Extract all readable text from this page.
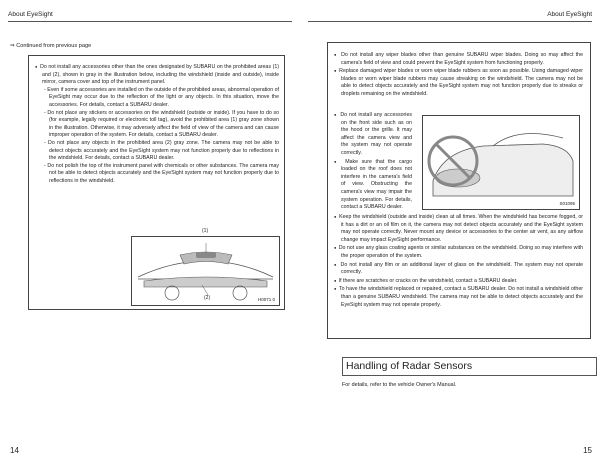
About EyeSight	About EyeSight
⇒ Continued from previous page

●  Do not install any accessories other than the ones designated by SUBARU on the prohibited areas (1) and (2), shown in gray in the illustration below, including the windshield (inside and outside), inside mirror, camera cover and top of the instrument panel.

- Even if some accessories are installed on the outside of the prohibited areas, abnormal operation of EyeSight may occur due to the reflection of the light or any objects. In this situation, move the accessories. For details, contact a SUBARU dealer.

- Do not place any stickers or accessories on the windshield (outside or inside). If you have to do so (for example, legally required or electronic toll tag), avoid the prohibited area (1) gray zone shown in the illustration. Otherwise, it may adversely affect the field of view of the camera and can cause improper operation of the system. For details, contact a SUBARU dealer.

- Do not place any objects in the prohibited area (2) gray zone. The camera may not be able to detect objects accurately and the EyeSight system may not function properly due to reflections in the windshield. For details, contact a SUBARU dealer.

- Do not polish the top of the instrument panel with chemicals or other substances. The camera may not be able to detect objects accurately and the EyeSight system may not function properly due to reflections in the windshield.

(1)
(2)	H0071 0

●  Do not install any wiper blades other than genuine SUBARU wiper blades. Doing so may affect the camera's field of view and could prevent the EyeSight system from functioning properly.

●  Replace damaged wiper blades or worn wiper blade rubbers as soon as possible. Using damaged wiper blades or worn wiper blade rubbers may cause streaking on the windshield. The camera may not be able to detect objects accurately and the EyeSight system may not function properly due to streaks or droplets remaining on the windshield.

●  Do not install any accessories on the front side such as on the hood or the grille. It may affect the camera view and the system may not operate correctly.

●  Make sure that the cargo loaded on the roof does not interfere in the camera's field of view. Obstructing the camera's view may impair the system operation. For details, contact a SUBARU dealer.

S01095

●  Keep the windshield (outside and inside) clean at all times. When the windshield has become fogged, or it has a dirt or an oil film on it, the camera may not detect objects accurately and the EyeSight system may not operate correctly. Never mount any device or accessories to the center air vent, as any airflow change may impact EyeSight performance.

●  Do not use any glass coating agents or similar substances on the windshield. Doing so may interfere with the proper operation of the system.

●  Do not install any film or an additional layer of glass on the windshield. The system may not operate correctly.

●  If there are scratches or cracks on the windshield, contact a SUBARU dealer.

●  To have the windshield replaced or repaired, contact a SUBARU dealer. Do not install a windshield other than a genuine SUBARU windshield. The camera may not be able to detect objects accurately and the EyeSight system may not operate properly.

Handling of Radar Sensors
For details, refer to the vehicle Owner's Manual.
14	15
